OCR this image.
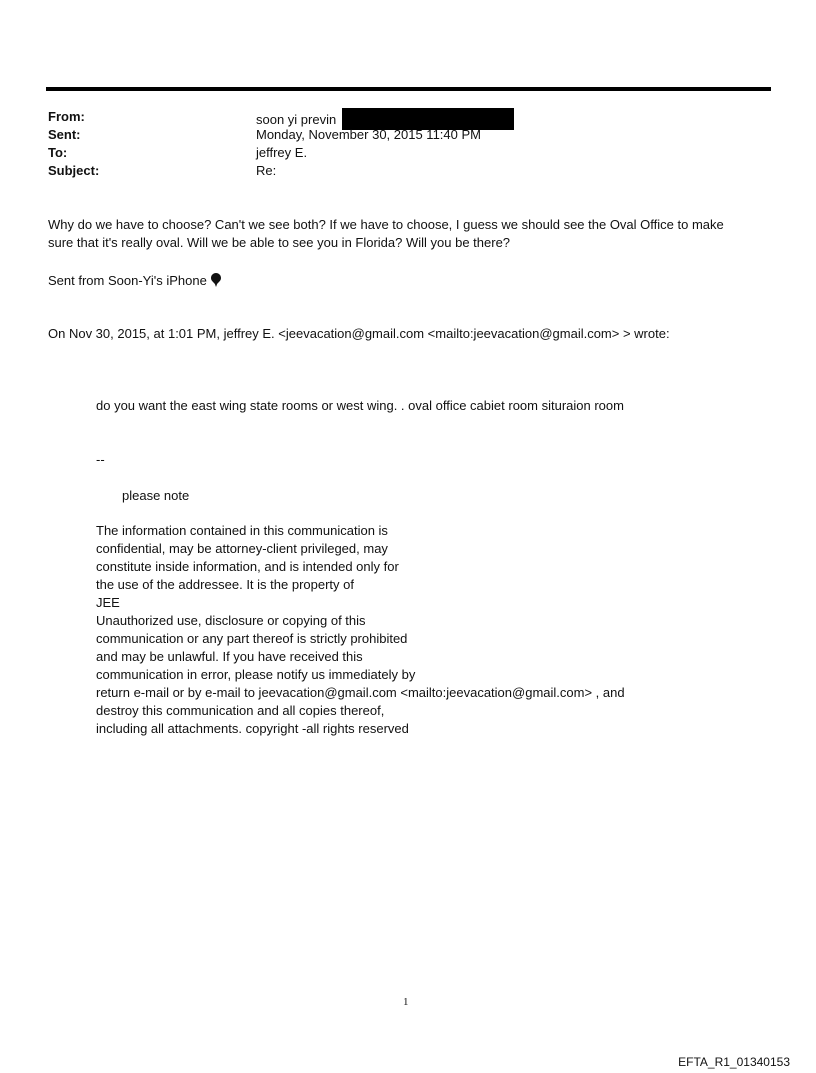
From:	soon yi previn
Sent:	Monday, November 30, 2015 11:40 PM
To:	jeffrey E.
Subject:	Re:
Why do we have to choose? Can't we see both? If we have to choose, I guess we should see the Oval Office to make
sure that it's really oval. Will we be able to see you in Florida? Will you be there?
Sent from Soon-Yi's iPhone
On Nov 30, 2015, at 1:01 PM, jeffrey E. <jeevacation@gmail.com <mailto:jeevacation@gmail.com> > wrote:
do you want the east wing state rooms or west wing. . oval office cabiet room situraion room
--
please note
The information contained in this communication is
confidential, may be attorney-client privileged, may
constitute inside information, and is intended only for
the use of the addressee. It is the property of
JEE
Unauthorized use, disclosure or copying of this
communication or any part thereof is strictly prohibited
and may be unlawful. If you have received this
communication in error, please notify us immediately by
return e-mail or by e-mail to jeevacation@gmail.com <mailto:jeevacation@gmail.com> , and
destroy this communication and all copies thereof,
including all attachments. copyright -all rights reserved
1
EFTA_R1_01340153
